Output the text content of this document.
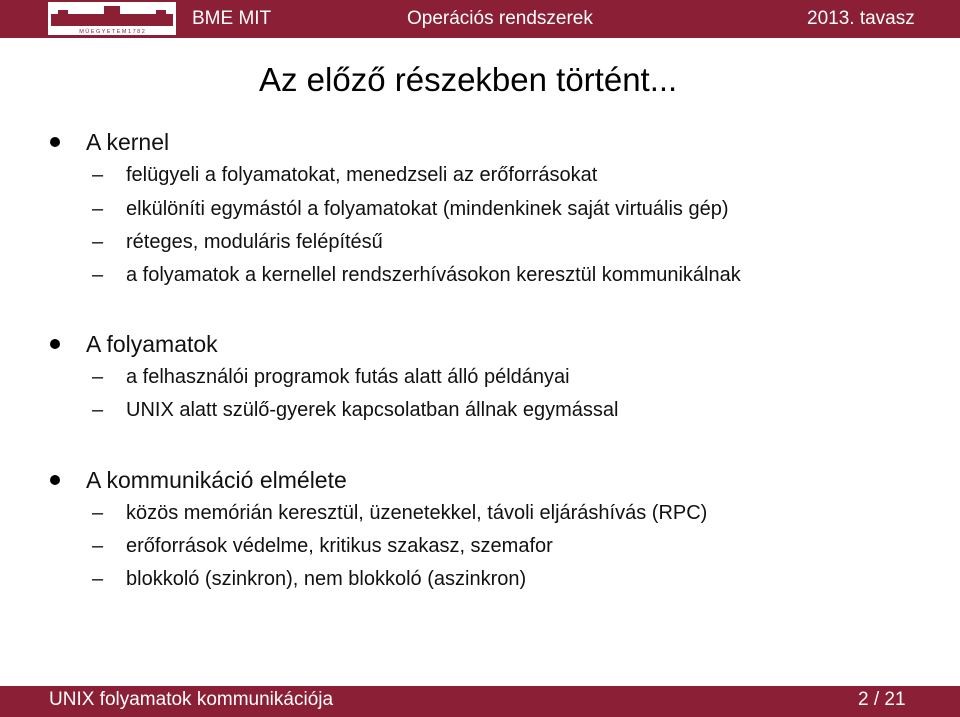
M Ű E G Y E T E M 1 7 8 2
BME MIT	Operációs rendszerek	2013. tavasz
Az előző részekben történt...
A kernel
– felügyeli a folyamatokat, menedzseli az erőforrásokat
– elkülöníti egymástól a folyamatokat (mindenkinek saját virtuális gép)
– réteges, moduláris felépítésű
– a folyamatok a kernellel rendszerhívásokon keresztül kommunikálnak
A folyamatok
– a felhasználói programok futás alatt álló példányai
– UNIX alatt szülő-gyerek kapcsolatban állnak egymással
A kommunikáció elmélete
– közös memórián keresztül, üzenetekkel, távoli eljáráshívás (RPC)
– erőforrások védelme, kritikus szakasz, szemafor
– blokkoló (szinkron), nem blokkoló (aszinkron)
UNIX folyamatok kommunikációja	2 / 21
